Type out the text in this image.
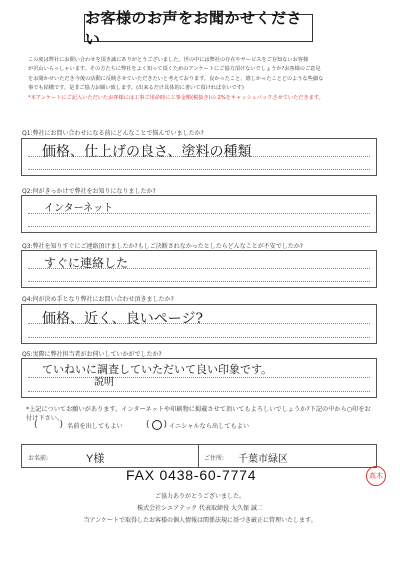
お客様のお声をお聞かせください

この度は弊社にお問い合わせを頂き誠にありがとうございました。世の中には弊社の存在やサービスをご存知ないお客様

が沢山いらっしゃいます。その方たちに弊社をよく知って頂くためのアンケートにご協力頂けないでしょうか?お客様のご意見

をお聞かせいただき今後の活動に反映させていただきたいと考えております。良かったこと、嬉しかったことどのような些細な

事でも結構です。是非ご協力お願い致します。(出来るだけ具体的に書いて頂ければ幸いです)

*本アンケートにご記入いただいたお客様には工事ご用命時に工事金額(税抜き)の 2%をキャッシュバックさせていただきます。

Q1:弊社にお問い合わせになる前にどんなことで悩んでいましたか?
価格、仕上げの良さ、塗料の種類
Q2:何がきっかけで弊社をお知りになりましたか?
インターネット
Q3:弊社を知りすぐにご連絡頂けましたか?もしご決断されなかったとしたらどんなことが不安でしたか?
すぐに連絡した
Q4:何が決め手となり弊社にお問い合わせ頂きましたか?
価格、近く、良いページ?
Q5:実際に弊社担当者がお伺いしていかがでしたか?
ていねいに調査していただいて良い印象です。
説明
*上記についてお願いがあります。インターネットや印刷物に掲載させて頂いてもよろしいでしょうか?下記の中から○印をお付け下さい。
( ) 名前を出してもよい	( ) イニシャルなら出してもよい
お名前:	Y様	ご住所: 千葉市緑区
FAX 0438-60-7774	高木
ご協力ありがとうございました。
株式会社シエアテック 代表取締役 大久保 誠二
当アンケートで取得したお客様の個人情報は関係法規に基づき厳正に管理いたします。
